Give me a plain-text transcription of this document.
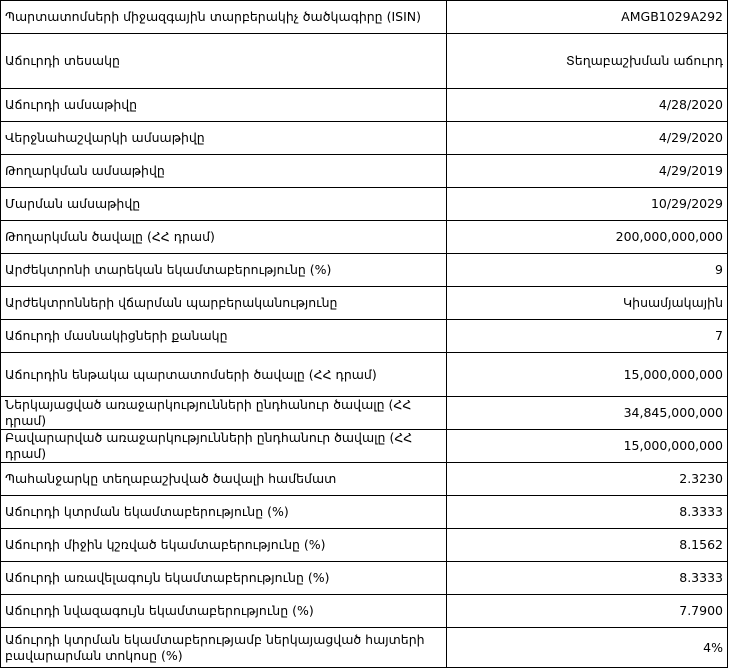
Պարտատոմսերի միջազգային տարբերակիչ ծածկագիրը (ISIN)	AMGB1029A292
Աճուրդի տեսակը	Տեղաբաշխման աճուրդ
Աճուրդի ամսաթիվը	4/28/2020
Վերջնահաշվարկի ամսաթիվը	4/29/2020
Թողարկման ամսաթիվը	4/29/2019
Մարման ամսաթիվը	10/29/2029
Թողարկման ծավալը (ՀՀ դրամ)	200,000,000,000
Արժեկտրոնի տարեկան եկամտաբերությունը (%)	9
Արժեկտրոնների վճարման պարբերականությունը	Կիսամյակային
Աճուրդի մասնակիցների քանակը	7
Աճուրդին ենթակա պարտատոմսերի ծավալը (ՀՀ դրամ)	15,000,000,000
Ներկայացված առաջարկությունների ընդհանուր ծավալը (ՀՀ դրամ)	34,845,000,000
Բավարարված առաջարկությունների ընդհանուր ծավալը (ՀՀ դրամ)	15,000,000,000
Պահանջարկը տեղաբաշխված ծավալի համեմատ	2.3230
Աճուրդի կտրման եկամտաբերությունը (%)	8.3333
Աճուրդի միջին կշռված եկամտաբերությունը (%)	8.1562
Աճուրդի առավելագույն եկամտաբերությունը (%)	8.3333
Աճուրդի նվազագույն եկամտաբերությունը (%)	7.7900
Աճուրդի կտրման եկամտաբերությամբ ներկայացված հայտերի բավարարման տոկոսը (%)	4%
